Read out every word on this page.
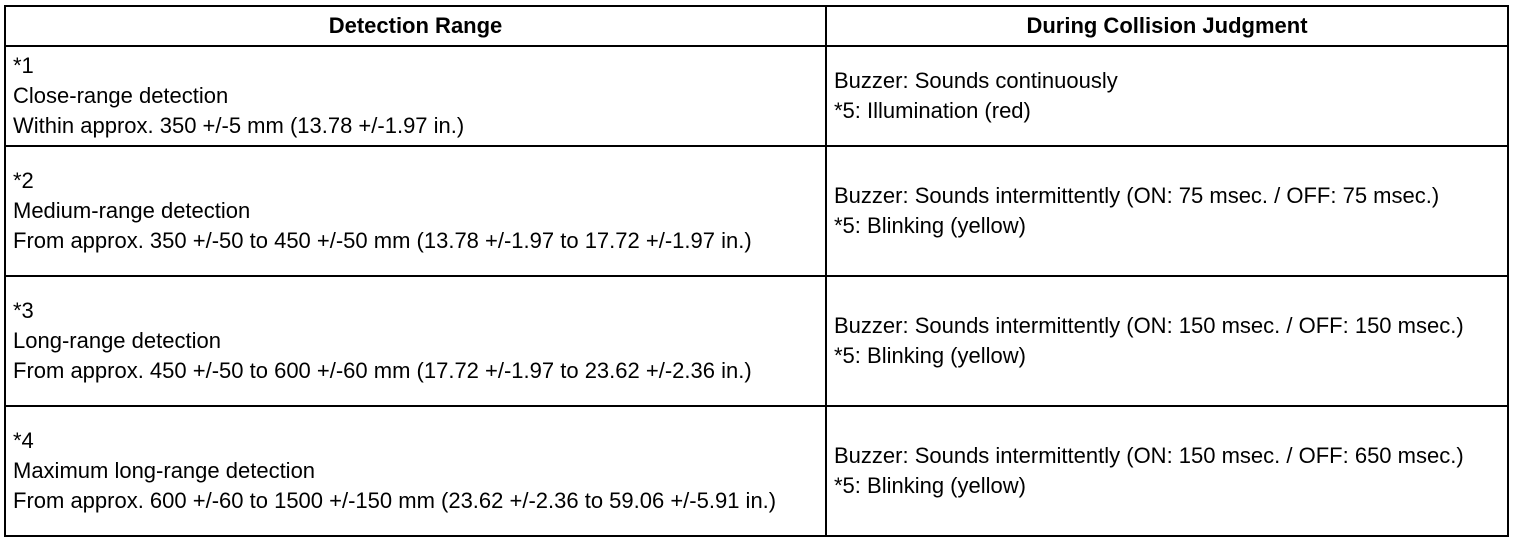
Detection Range	During Collision Judgment

*1
Close-range detection
Within approx. 350 +/-5 mm (13.78 +/-1.97 in.)	Buzzer: Sounds continuously
*5: Illumination (red)

*2
Medium-range detection
From approx. 350 +/-50 to 450 +/-50 mm (13.78 +/-1.97 to 17.72 +/-1.97 in.)	Buzzer: Sounds intermittently (ON: 75 msec. / OFF: 75 msec.)
*5: Blinking (yellow)

*3
Long-range detection
From approx. 450 +/-50 to 600 +/-60 mm (17.72 +/-1.97 to 23.62 +/-2.36 in.)	Buzzer: Sounds intermittently (ON: 150 msec. / OFF: 150 msec.)
*5: Blinking (yellow)

*4
Maximum long-range detection
From approx. 600 +/-60 to 1500 +/-150 mm (23.62 +/-2.36 to 59.06 +/-5.91 in.)	Buzzer: Sounds intermittently (ON: 150 msec. / OFF: 650 msec.)
*5: Blinking (yellow)
